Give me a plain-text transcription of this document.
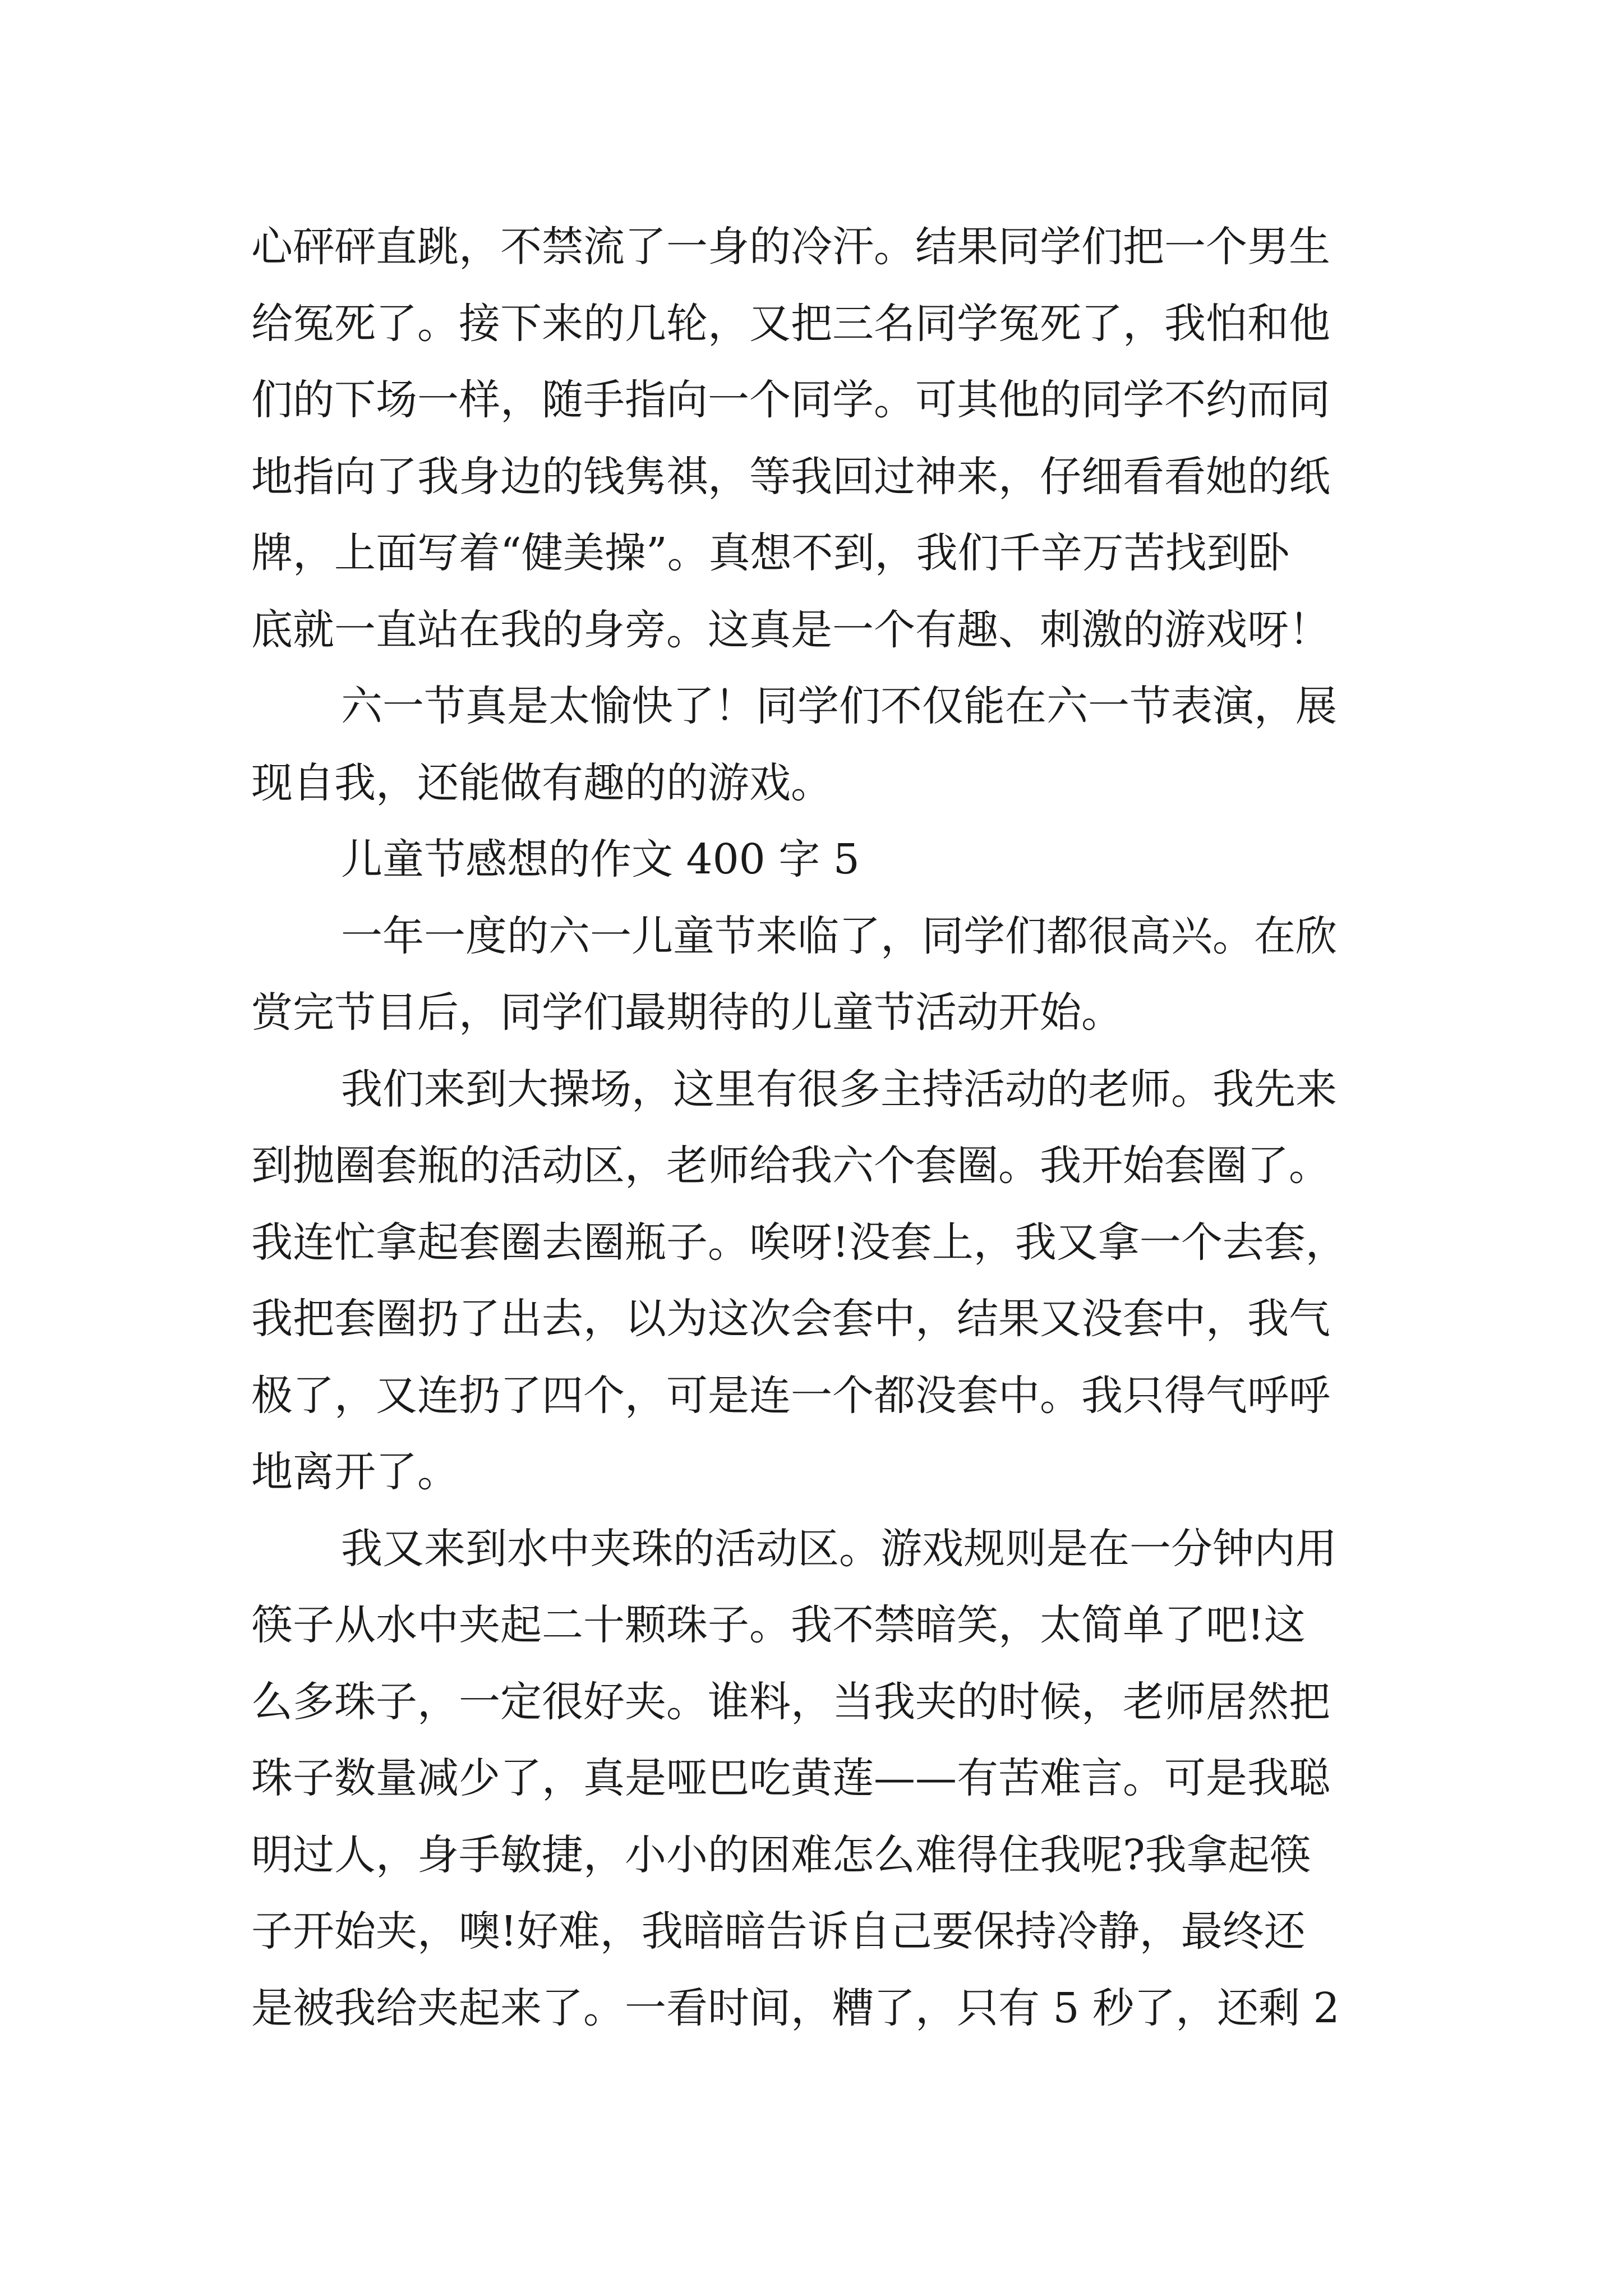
心砰砰直跳，不禁流了一身的冷汗。结果同学们把一个男生
给冤死了。接下来的几轮，又把三名同学冤死了，我怕和他
们的下场一样，随手指向一个同学。可其他的同学不约而同
地指向了我身边的钱隽祺，等我回过神来，仔细看看她的纸
牌，上面写着“健美操”。真想不到，我们千辛万苦找到卧
底就一直站在我的身旁。这真是一个有趣、刺激的游戏呀！
六一节真是太愉快了！同学们不仅能在六一节表演，展
现自我，还能做有趣的的游戏。
儿童节感想的作文 400 字 5
一年一度的六一儿童节来临了，同学们都很高兴。在欣
赏完节目后，同学们最期待的儿童节活动开始。
我们来到大操场，这里有很多主持活动的老师。我先来
到抛圈套瓶的活动区，老师给我六个套圈。我开始套圈了。
我连忙拿起套圈去圈瓶子。唉呀!没套上，我又拿一个去套，
我把套圈扔了出去，以为这次会套中，结果又没套中，我气
极了，又连扔了四个，可是连一个都没套中。我只得气呼呼
地离开了。
我又来到水中夹珠的活动区。游戏规则是在一分钟内用
筷子从水中夹起二十颗珠子。我不禁暗笑，太简单了吧!这
么多珠子，一定很好夹。谁料，当我夹的时候，老师居然把
珠子数量减少了，真是哑巴吃黄莲——有苦难言。可是我聪
明过人，身手敏捷，小小的困难怎么难得住我呢?我拿起筷
子开始夹，噢!好难，我暗暗告诉自己要保持冷静，最终还
是被我给夹起来了。一看时间，糟了，只有 5 秒了，还剩 2
